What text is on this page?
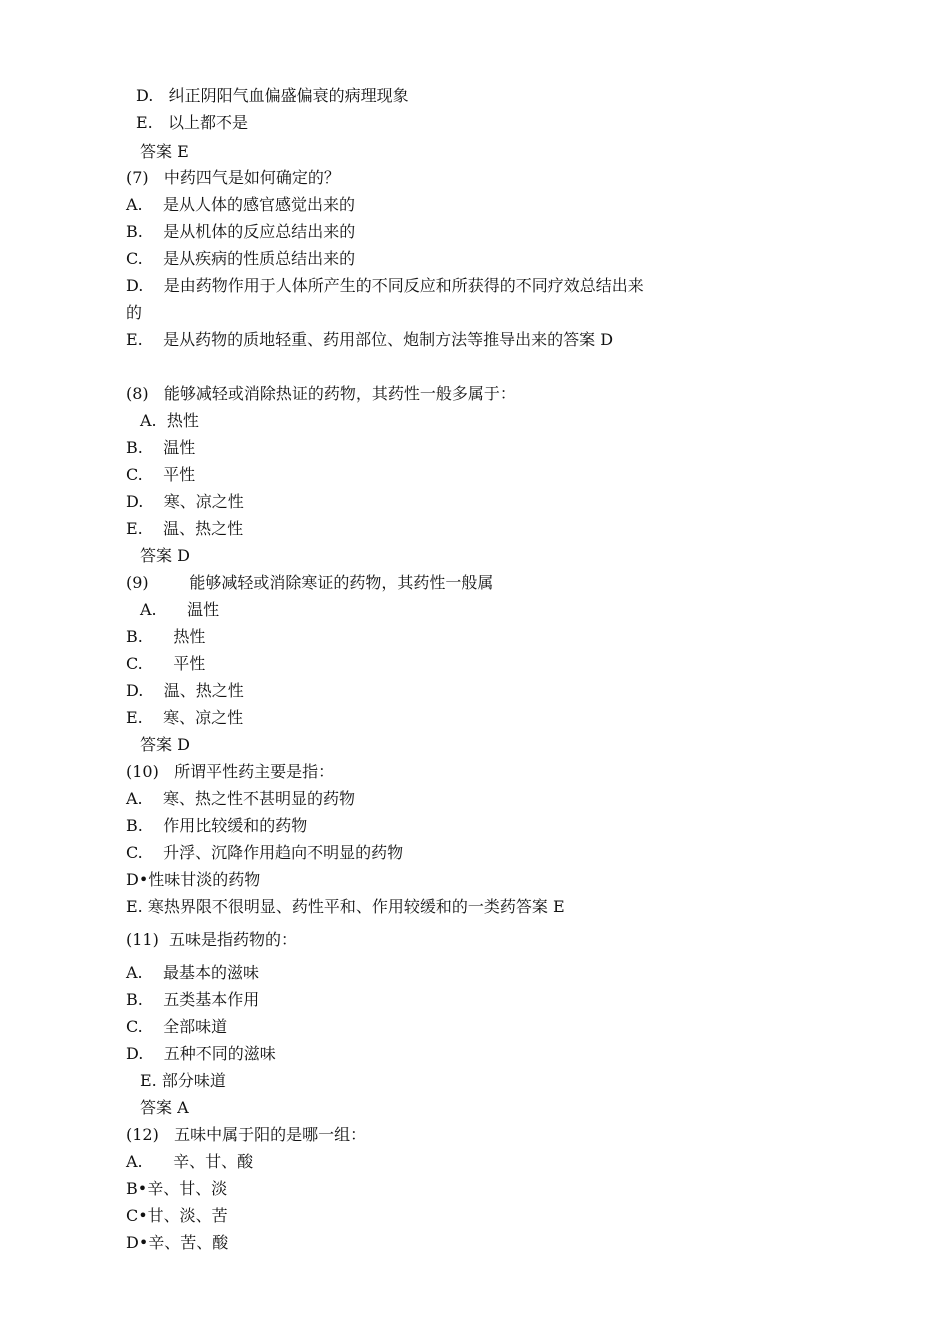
D.   纠正阴阳气血偏盛偏衰的病理现象
E.   以上都不是
答案 E
(7)   中药四气是如何确定的？
A.    是从人体的感官感觉出来的
B.    是从机体的反应总结出来的
C.    是从疾病的性质总结出来的
D.    是由药物作用于人体所产生的不同反应和所获得的不同疗效总结出来
的
E.    是从药物的质地轻重、药用部位、炮制方法等推导出来的答案 D
(8)   能够减轻或消除热证的药物，其药性一般多属于：
A.  热性
B.    温性
C.    平性
D.    寒、凉之性
E.    温、热之性
答案 D
(9)        能够减轻或消除寒证的药物，其药性一般属
A.      温性
B.      热性
C.      平性
D.    温、热之性
E.    寒、凉之性
答案 D
(10)   所谓平性药主要是指：
A.    寒、热之性不甚明显的药物
B.    作用比较缓和的药物
C.    升浮、沉降作用趋向不明显的药物
D•性味甘淡的药物
E. 寒热界限不很明显、药性平和、作用较缓和的一类药答案 E
(11)  五味是指药物的：
A.    最基本的滋味
B.    五类基本作用
C.    全部味道
D.    五种不同的滋味
E. 部分味道
答案 A
(12)   五味中属于阳的是哪一组：
A.      辛、甘、酸
B•辛、甘、淡
C•甘、淡、苦
D•辛、苦、酸
